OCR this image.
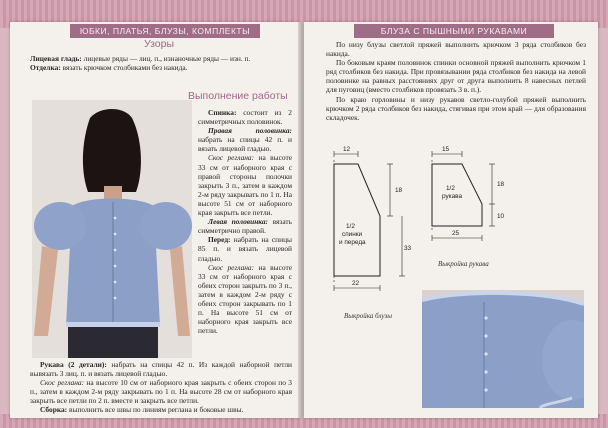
ЮБКИ, ПЛАТЬЯ, БЛУЗЫ, КОМПЛЕКТЫ
Узоры

Лицевая гладь: лицевые ряды — лиц. п., изнаночные ряды — изн. п.

Отделка: вязать крючком столбиками без накида.

Выполнение работы

Спинка: состоит из 2 симметричных половинок.

Правая половинка: набрать на спицы 42 п. и вязать лицевой гладью.

Скос реглана: на высоте 33 см от наборного края с правой стороны полочки закрыть 3 п., затем в каждом 2-м ряду закрывать по 1 п. На высоте 51 см от наборного края закрыть все петли.

Левая половинка: вязать симметрично правой.

Перед: набрать на спицы 85 п. и вязать лицевой гладью.

Скос реглана: на высоте 33 см от наборного края с обеих сторон закрыть по 3 п., затем в каждом 2-м ряду с обеих сторон закрывать по 1 п. На высоте 51 см от наборного края закрыть все петли.

Рукава (2 детали): набрать на спицы 42 п. Из каждой наборной петли вывязать 3 лиц. п. и вязать лицевой гладью.

Скос реглана: на высоте 10 см от наборного края закрыть с обеих сторон по 3 п., затем в каждом 2-м ряду закрывать по 1 п. На высоте 28 см от наборного края закрыть все петли по 2 п. вместе и закрыть все петли.

Сборка: выполнить все швы по линиям реглана и боковые швы.

БЛУЗА С ПЫШНЫМИ РУКАВАМИ

По низу блузы светлой пряжей выполнить крючком 3 ряда столбиков без накида.

По боковым краям половинок спинки основной пряжей выполнить крючком 1 ряд столбиков без накида. При провязывании ряда столбиков без накида на левой половинке на равных расстояниях друг от друга выполнить 8 навесных петлей для пуговиц (вместо столбиков провязать 3 в. п.).

По краю горловины и низу рукавов светло-голубой пряжей выполнить крючком 2 ряда столбиков без накида, стягивая при этом край — для образования складочек.

12
18
33
22
1/2
спинки
и переда
Выкройка блузы
15
18
10
25
1/2
рукава
Выкройка рукава
